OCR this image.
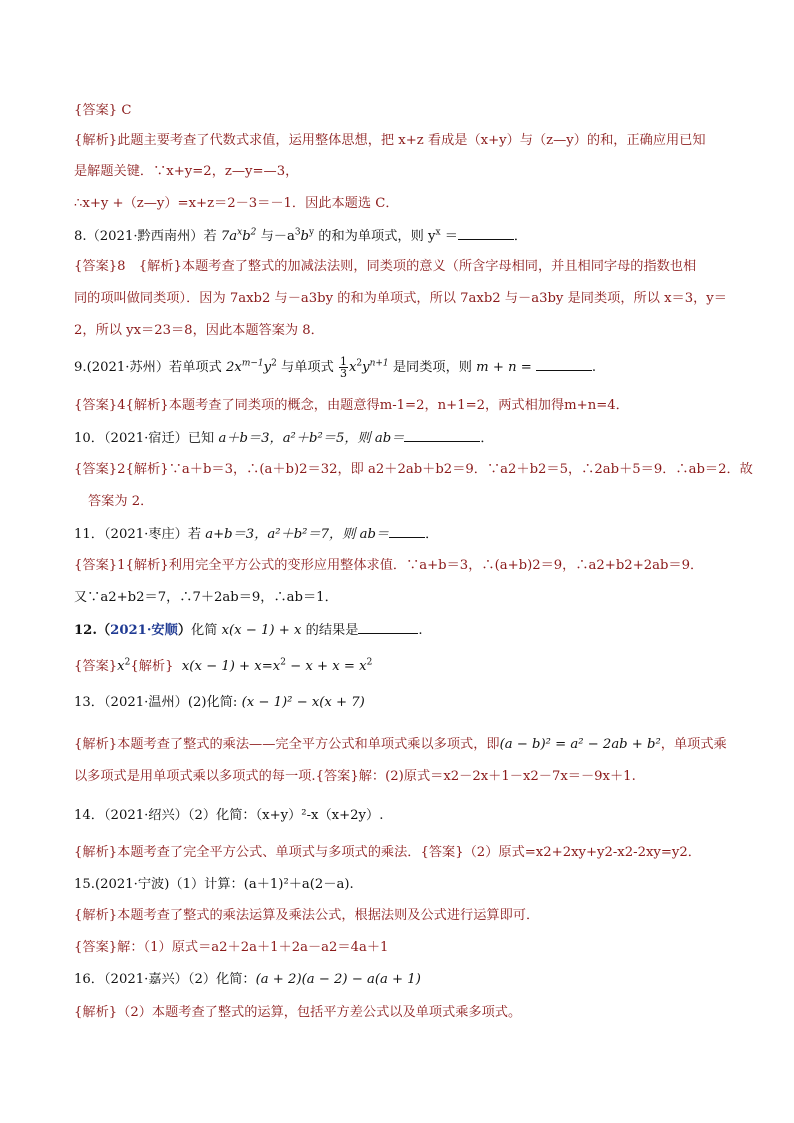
{答案} C
{解析}此题主要考查了代数式求值，运用整体思想，把 x+z 看成是（x+y）与（z—y）的和，正确应用已知
是解题关键．∵x+y=2，z—y=—3，
∴x+y +（z—y）=x+z＝2－3＝－1．因此本题选 C．
8.（2021·黔西南州）若 $7a^xb^2$ 与$-a^3b^y$ 的和为单项式，则 $y^x$ ＝	．
{答案}8　{解析}本题考查了整式的加减法法则，同类项的意义（所含字母相同，并且相同字母的指数也相
同的项叫做同类项）．因为 7axb2 与－a3by 的和为单项式，所以 7axb2 与－a3by 是同类项，所以 x＝3，y＝
2，所以 yx＝23＝8，因此本题答案为 8．
9.(2021·苏州）若单项式 $2x^{m-1}y^2$ 与单项式 $\frac{1}{3} x^2y^{n+1}$ 是同类项，则 m + n =	.
{答案}4{解析}本题考查了同类项的概念，由题意得m-1=2，n+1=2，两式相加得m+n=4．
10．（2021·宿迁）已知 a＋b＝3，a²＋b²＝5，则 ab＝	．
{答案}2{解析}∵a＋b＝3，∴(a＋b)2＝32，即 a2＋2ab＋b2＝9．∵a2＋b2＝5，∴2ab＋5＝9．∴ab＝2．故
答案为 2．
11．（2021·枣庄）若 a+b＝3，a²＋b²＝7，则 ab＝	．
{答案}1{解析}利用完全平方公式的变形应用整体求值．∵a+b＝3，∴(a+b)2＝9，∴a2+b2+2ab＝9．
又∵a2+b2＝7，∴7＋2ab＝9，∴ab＝1．
12.（2021·安顺）化简 x(x − 1) + x 的结果是	.
{答案}$x^2${解析} $x(x - 1) + x=x^2 - x + x = x^2$
13．（2021·温州）(2)化简: (x − 1)² − x(x + 7)
{解析}本题考查了整式的乘法——完全平方公式和单项式乘以多项式，即(a − b)² = a² − 2ab + b²，单项式乘
以多项式是用单项式乘以多项式的每一项.{答案}解：(2)原式＝x2－2x＋1－x2－7x＝－9x＋1.
14．（2021·绍兴）（2）化简：（x+y）²-x（x+2y）.
{解析}本题考查了完全平方公式、单项式与多项式的乘法．{答案}（2）原式=x2+2xy+y2-x2-2xy=y2．
15.(2021·宁波)（1）计算：(a＋1)²＋a(2－a).
{解析}本题考查了整式的乘法运算及乘法公式，根据法则及公式进行运算即可．
{答案}解：（1）原式＝a2＋2a＋1＋2a－a2＝4a＋1
16．（2021·嘉兴）（2）化简：(a + 2)(a − 2) − a(a + 1)
{解析}（2）本题考查了整式的运算，包括平方差公式以及单项式乘多项式。
